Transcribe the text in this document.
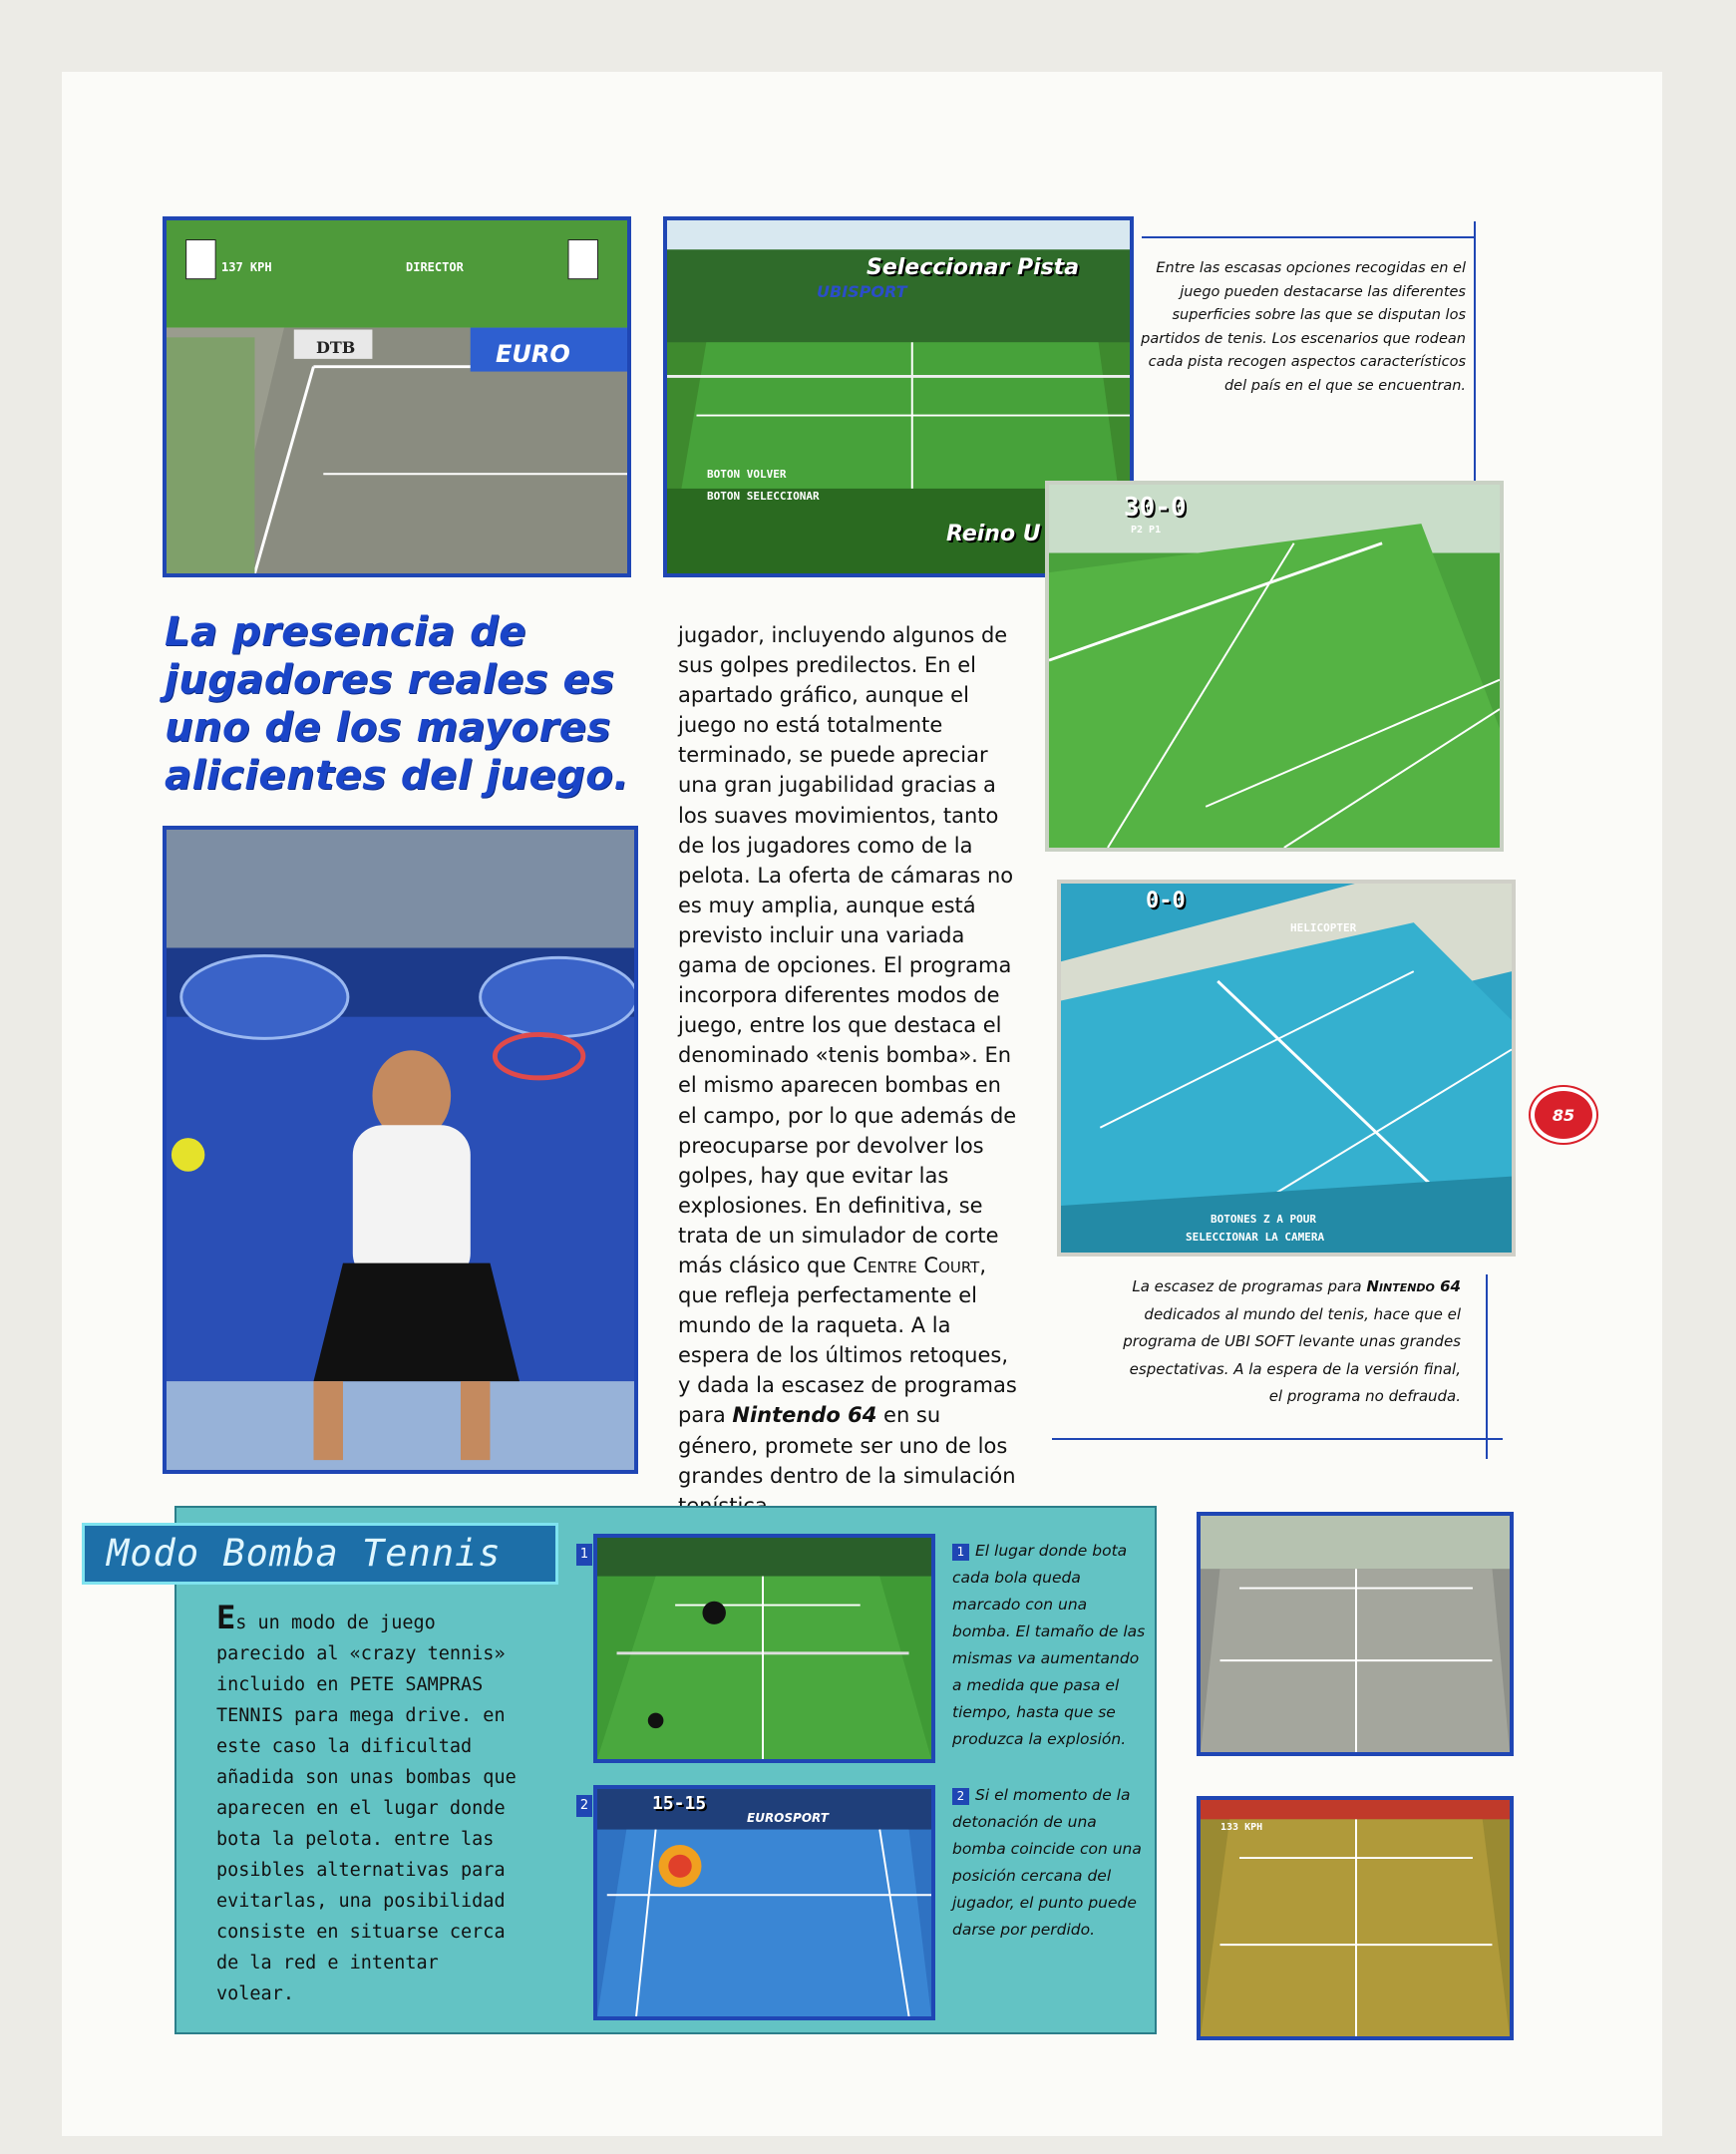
137 KPH	DIRECTOR
EURO
DTB
Seleccionar Pista
UBISPORT
BOTON VOLVER
BOTON SELECCIONAR
Reino U
Entre las escasas opciones recogidas en el juego pueden destacarse las diferentes superficies sobre las que se disputan los partidos de tenis. Los escenarios que rodean cada pista recogen aspectos característicos del país en el que se encuentran.
30-0
P2 P1
La presencia de jugadores reales es uno de los mayores alicientes del juego.
jugador, incluyendo algunos de sus golpes predilectos. En el apartado gráfico, aunque el juego no está totalmente terminado, se puede apreciar una gran jugabilidad gracias a los suaves movimientos, tanto de los jugadores como de la pelota. La oferta de cámaras no es muy amplia, aunque está previsto incluir una variada gama de opciones. El programa incorpora diferentes modos de juego, entre los que destaca el denominado «tenis bomba». En el mismo aparecen bombas en el campo, por lo que además de preocuparse por devolver los golpes, hay que evitar las explosiones. En definitiva, se trata de un simulador de corte más clásico que Centre Court, que refleja perfectamente el mundo de la raqueta. A la espera de los últimos retoques, y dada la escasez de programas para Nintendo 64 en su género, promete ser uno de los grandes dentro de la simulación
0-0
HELICOPTER
BOTONES Z A POUR
SELECCIONAR LA CAMERA
La escasez de programas para Nintendo 64 dedicados al mundo del tenis, hace que el programa de UBI SOFT levante unas grandes espectativas. A la espera de la versión final, el programa no defrauda.
85
Modo Bomba Tennis
Es un modo de juego parecido al «crazy tennis» incluido en PETE SAMPRAS TENNIS para mega drive. en este caso la dificultad añadida son unas bombas que aparecen en el lugar donde bota la pelota. entre las posibles alternativas para evitarlas, una posibilidad consiste en situarse cerca de la red e intentar volear.
1
2	15-15
EUROSPORT
1 El lugar donde bota cada bola queda marcado con una bomba. El tamaño de las mismas va aumentando a medida que pasa el tiempo, hasta que se produzca la explosión.
2 Si el momento de la detonación de una bomba coincide con una posición cercana del jugador, el punto puede darse por perdido.
133 KPH
